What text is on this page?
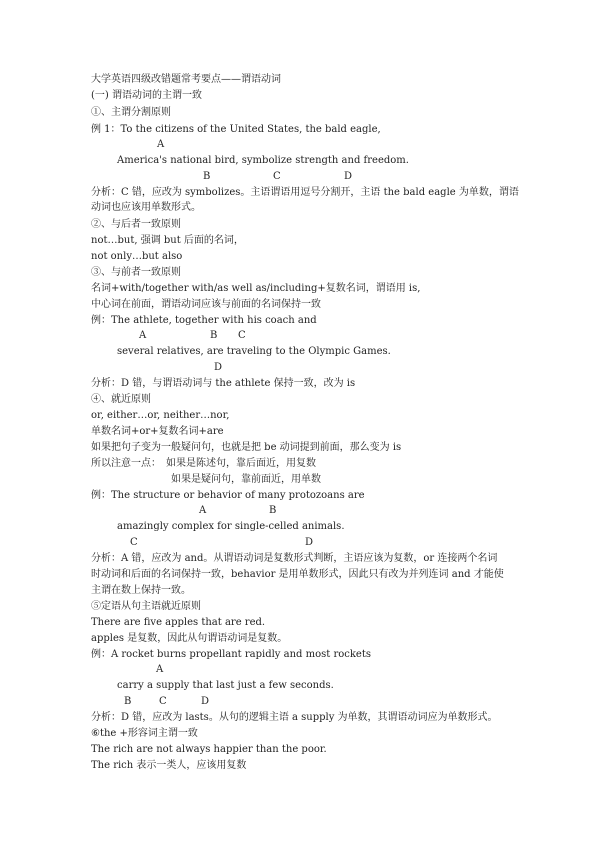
大学英语四级改错题常考要点——谓语动词
(一) 谓语动词的主谓一致
①、主谓分割原则
例 1：To the citizens of the United States, the bald eagle,
A
America's national bird, symbolize strength and freedom.
B	C	D
分析：C 错，应改为 symbolizes。主语谓语用逗号分割开，主语 the bald eagle 为单数，谓语
动词也应该用单数形式。
②、与后者一致原则
not…but, 强调 but 后面的名词，
not only…but also
③、与前者一致原则
名词+with/together with/as well as/including+复数名词，谓语用 is,
中心词在前面，谓语动词应该与前面的名词保持一致
例：The athlete, together with his coach and
A	B C
several relatives, are traveling to the Olympic Games.
D
分析：D 错，与谓语动词与 the athlete 保持一致，改为 is
④、就近原则
or, either…or, neither…nor,
单数名词+or+复数名词+are
如果把句子变为一般疑问句，也就是把 be 动词提到前面，那么变为 is
所以注意一点：　如果是陈述句，靠后面近，用复数
如果是疑问句，靠前面近，用单数
例：The structure or behavior of many protozoans are
A	B
amazingly complex for single-celled animals.
C	D
分析：A 错，应改为 and。从谓语动词是复数形式判断，主语应该为复数，or 连接两个名词
时动词和后面的名词保持一致，behavior 是用单数形式，因此只有改为并列连词 and 才能使
主谓在数上保持一致。
⑤定语从句主语就近原则
There are five apples that are red.
apples 是复数，因此从句谓语动词是复数。
例：A rocket burns propellant rapidly and most rockets
A
carry a supply that last just a few seconds.
B	C	D
分析：D 错，应改为 lasts。从句的逻辑主语 a supply 为单数，其谓语动词应为单数形式。
⑥the +形容词主谓一致
The rich are not always happier than the poor.
The rich 表示一类人，应该用复数
